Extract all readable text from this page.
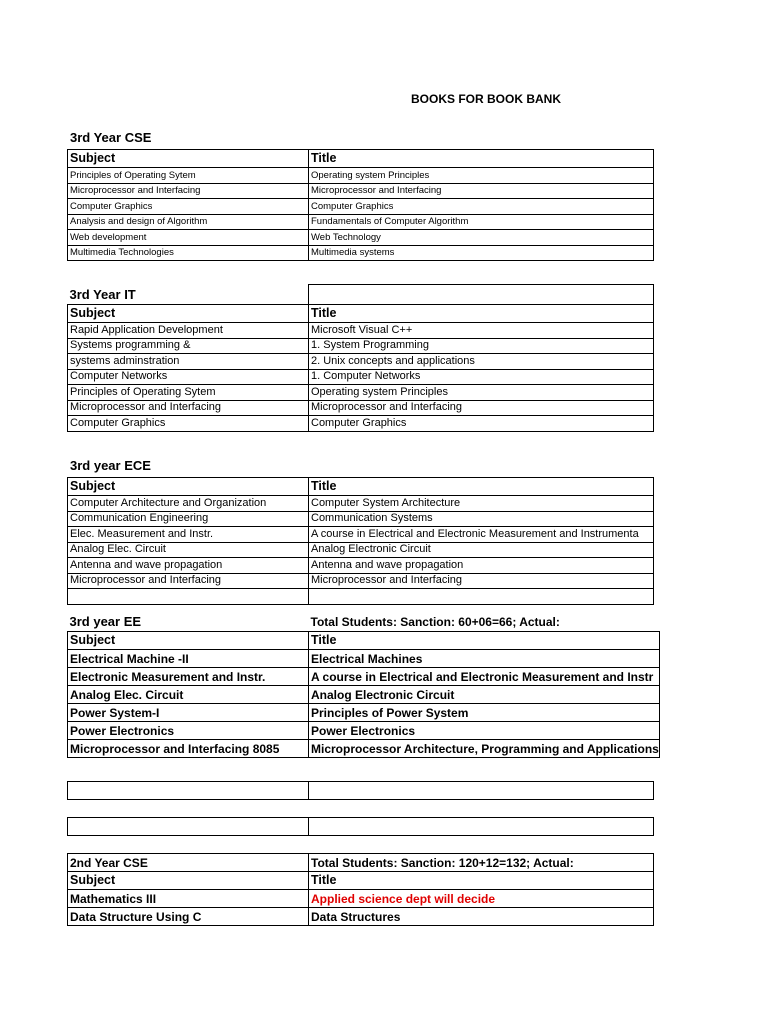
BOOKS FOR BOOK BANK
3rd Year CSE
Subject	Title
Principles of Operating Sytem	Operating system Principles
Microprocessor and Interfacing	Microprocessor and Interfacing
Computer Graphics	Computer Graphics
Analysis and design of Algorithm	Fundamentals of Computer Algorithm
Web development	Web Technology
Multimedia Technologies	Multimedia systems
3rd Year IT	
Subject	Title
Rapid Application Development	Microsoft Visual C++
Systems programming &	1. System Programming
systems adminstration	2. Unix concepts and applications
Computer Networks	1. Computer Networks
Principles of Operating Sytem	Operating system Principles
Microprocessor and Interfacing	Microprocessor and Interfacing
Computer Graphics	Computer Graphics
3rd year ECE
Subject	Title
Computer Architecture and Organization	Computer System Architecture
Communication Engineering	Communication Systems
Elec. Measurement and Instr.	A course in Electrical and Electronic Measurement and Instrumenta
Analog Elec. Circuit	Analog Electronic Circuit
Antenna and wave propagation	Antenna and wave propagation
Microprocessor and Interfacing	Microprocessor and Interfacing

3rd year EE	Total Students: Sanction: 60+06=66; Actual:
Subject	Title
Electrical Machine -II	Electrical Machines
Electronic Measurement and Instr.	A course in Electrical and Electronic Measurement and Instr
Analog Elec. Circuit	Analog Electronic Circuit
Power System-I	Principles of Power System
Power Electronics	Power Electronics
Microprocessor and Interfacing 8085	Microprocessor Architecture, Programming and Applications

2nd Year CSE	Total Students: Sanction: 120+12=132; Actual:
Subject	Title
Mathematics III	Applied science dept will decide
Data Structure Using C	Data Structures
